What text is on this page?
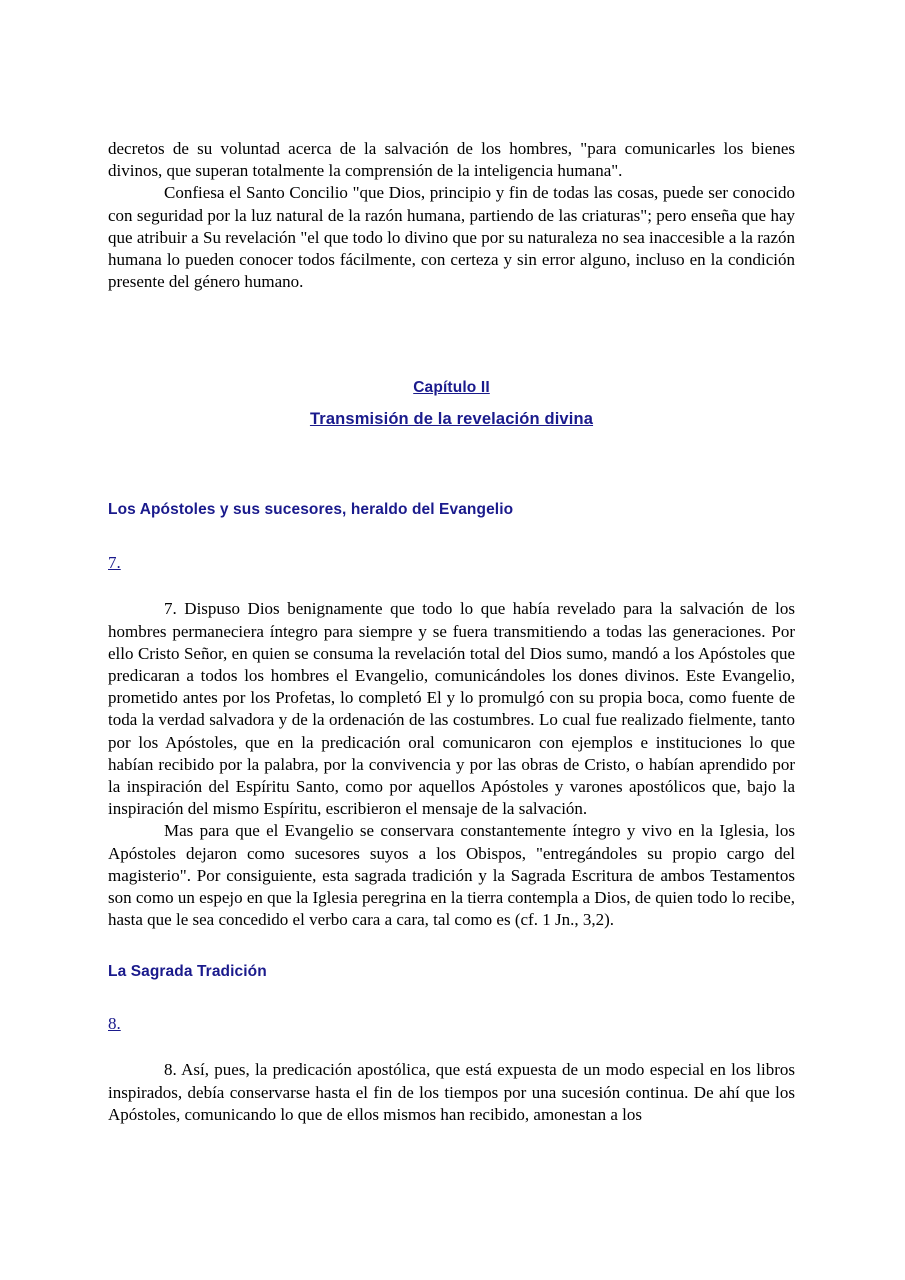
decretos de su voluntad acerca de la salvación de los hombres, "para comunicarles los bienes divinos, que superan totalmente la comprensión de la inteligencia humana".

Confiesa el Santo Concilio "que Dios, principio y fin de todas las cosas, puede ser conocido con seguridad por la luz natural de la razón humana, partiendo de las criaturas"; pero enseña que hay que atribuir a Su revelación "el que todo lo divino que por su naturaleza no sea inaccesible a la razón humana lo pueden conocer todos fácilmente, con certeza y sin error alguno, incluso en la condición presente del género humano.

Capítulo II
Transmisión de la revelación divina

Los Apóstoles y sus sucesores, heraldo del Evangelio

7.

7. Dispuso Dios benignamente que todo lo que había revelado para la salvación de los hombres permaneciera íntegro para siempre y se fuera transmitiendo a todas las generaciones. Por ello Cristo Señor, en quien se consuma la revelación total del Dios sumo, mandó a los Apóstoles que predicaran a todos los hombres el Evangelio, comunicándoles los dones divinos. Este Evangelio, prometido antes por los Profetas, lo completó El y lo promulgó con su propia boca, como fuente de toda la verdad salvadora y de la ordenación de las costumbres. Lo cual fue realizado fielmente, tanto por los Apóstoles, que en la predicación oral comunicaron con ejemplos e instituciones lo que habían recibido por la palabra, por la convivencia y por las obras de Cristo, o habían aprendido por la inspiración del Espíritu Santo, como por aquellos Apóstoles y varones apostólicos que, bajo la inspiración del mismo Espíritu, escribieron el mensaje de la salvación.

Mas para que el Evangelio se conservara constantemente íntegro y vivo en la Iglesia, los Apóstoles dejaron como sucesores suyos a los Obispos, "entregándoles su propio cargo del magisterio". Por consiguiente, esta sagrada tradición y la Sagrada Escritura de ambos Testamentos son como un espejo en que la Iglesia peregrina en la tierra contempla a Dios, de quien todo lo recibe, hasta que le sea concedido el verbo cara a cara, tal como es (cf. 1 Jn., 3,2).

La Sagrada Tradición

8.

8. Así, pues, la predicación apostólica, que está expuesta de un modo especial en los libros inspirados, debía conservarse hasta el fin de los tiempos por una sucesión continua. De ahí que los Apóstoles, comunicando lo que de ellos mismos han recibido, amonestan a los
